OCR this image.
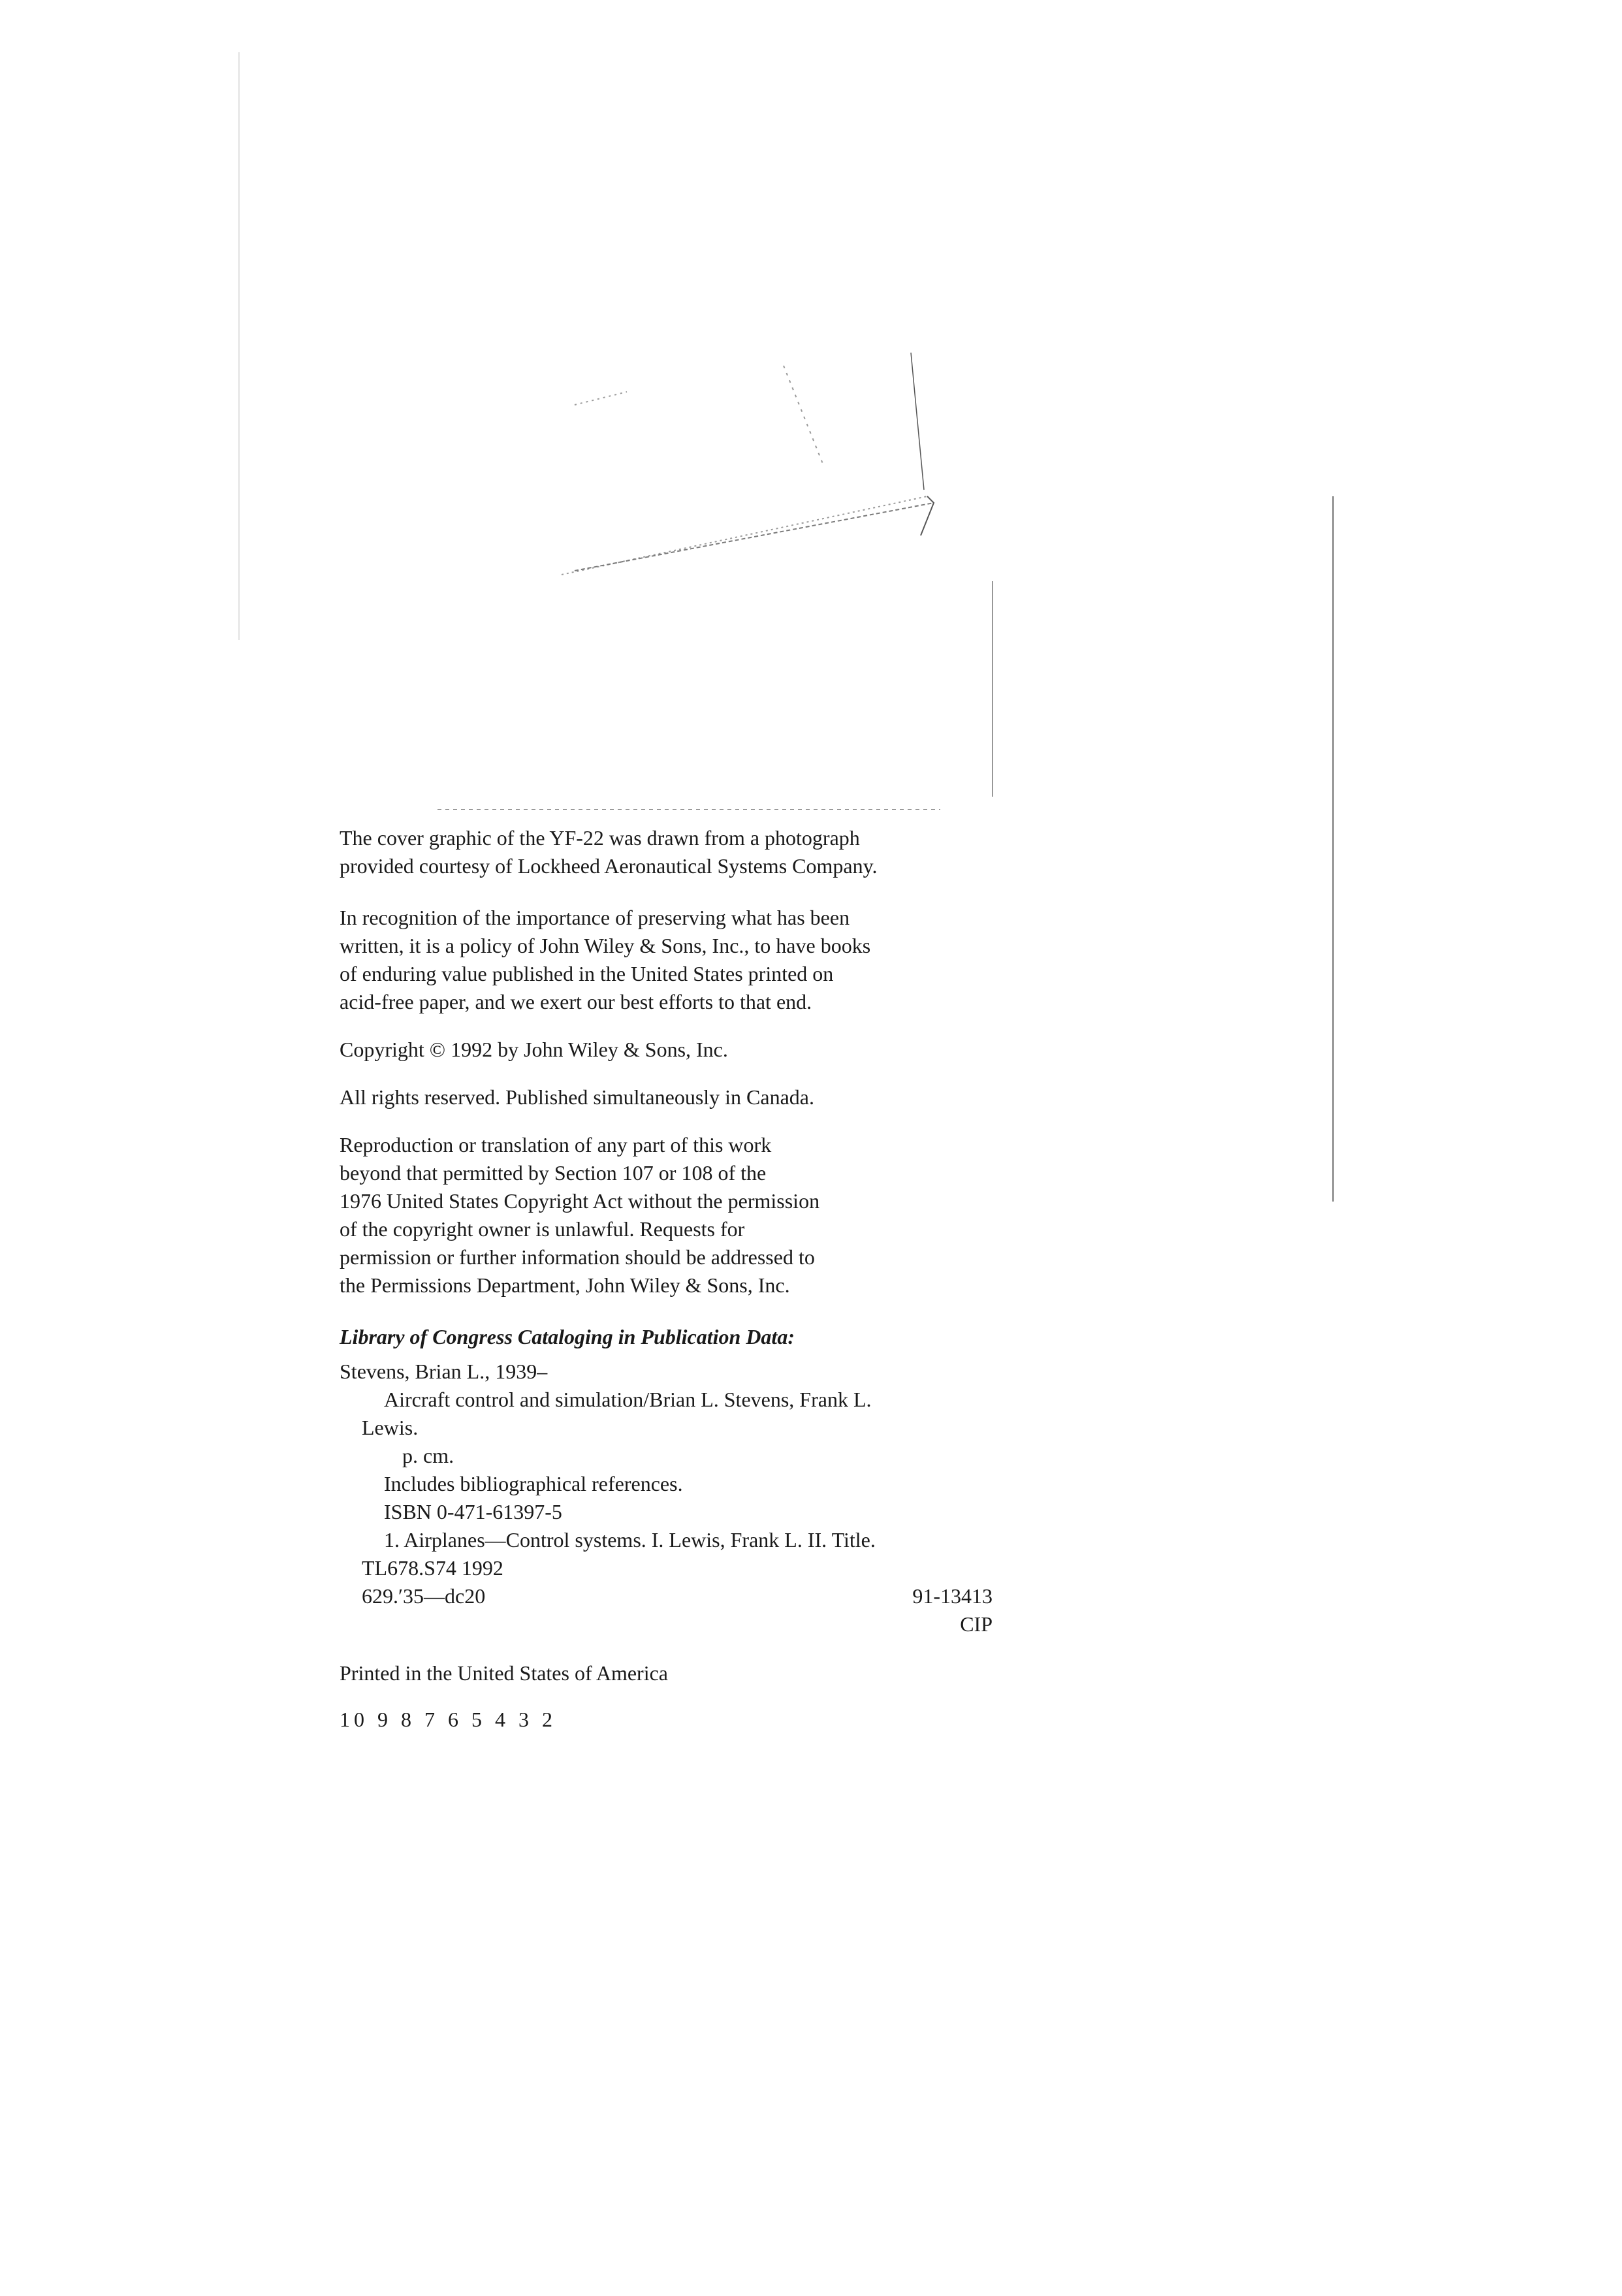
The cover graphic of the YF-22 was drawn from a photograph
provided courtesy of Lockheed Aeronautical Systems Company.

In recognition of the importance of preserving what has been
written, it is a policy of John Wiley & Sons, Inc., to have books
of enduring value published in the United States printed on
acid-free paper, and we exert our best efforts to that end.

Copyright © 1992 by John Wiley & Sons, Inc.

All rights reserved. Published simultaneously in Canada.

Reproduction or translation of any part of this work
beyond that permitted by Section 107 or 108 of the
1976 United States Copyright Act without the permission
of the copyright owner is unlawful. Requests for
permission or further information should be addressed to
the Permissions Department, John Wiley & Sons, Inc.

Library of Congress Cataloging in Publication Data:

Stevens, Brian L., 1939–
Aircraft control and simulation/Brian L. Stevens, Frank L.
Lewis.
p. cm.
Includes bibliographical references.
ISBN 0-471-61397-5
1. Airplanes—Control systems. I. Lewis, Frank L. II. Title.
TL678.S74 1992
629.′35—dc20	91-13413
CIP

Printed in the United States of America

10 9 8 7 6 5 4 3 2
